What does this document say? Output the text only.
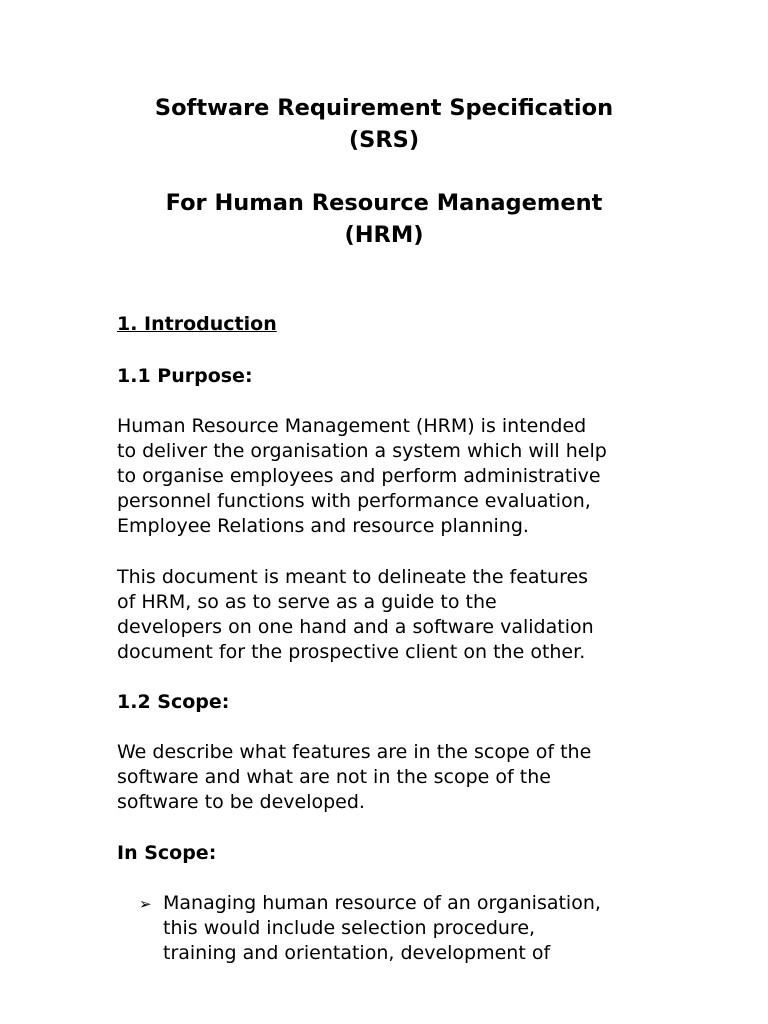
Software Requirement Specification
(SRS)
For Human Resource Management
(HRM)
1. Introduction
1.1 Purpose:
Human Resource Management (HRM) is intended
to deliver the organisation a system which will help
to organise employees and perform administrative
personnel functions with performance evaluation,
Employee Relations and resource planning.
This document is meant to delineate the features
of HRM, so as to serve as a guide to the
developers on one hand and a software validation
document for the prospective client on the other.
1.2 Scope:
We describe what features are in the scope of the
software and what are not in the scope of the
software to be developed.
In Scope:
➢ Managing human resource of an organisation,
this would include selection procedure,
training and orientation, development of
